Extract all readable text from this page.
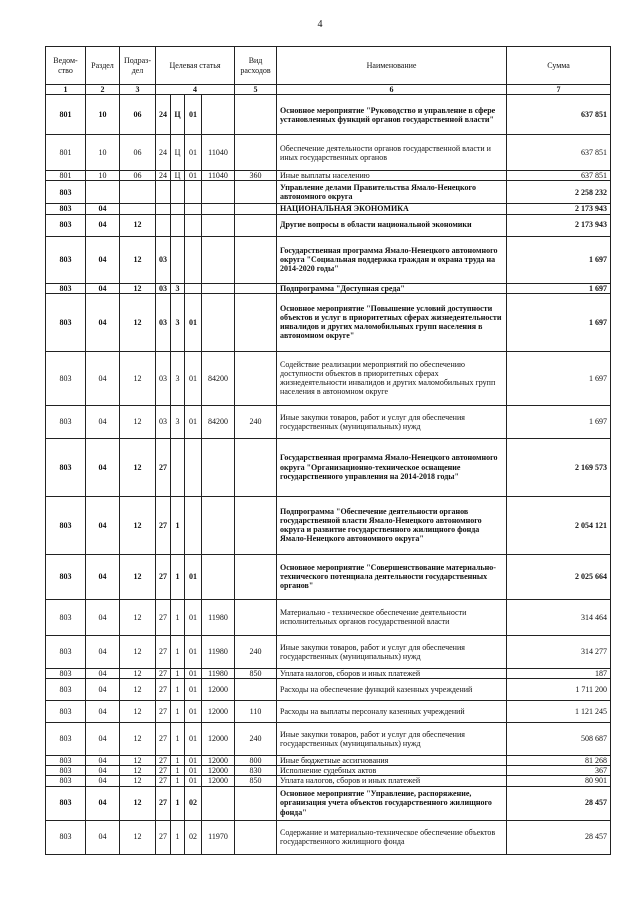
4
Ведом-ство	Раздел	Подраз-дел	Целевая статья				Вид расходов	Наименование	Сумма
1	2	3	4				5	6	7
801	10	06	24	Ц	01			Основное мероприятие "Руководство и управление в сфере установленных функций органов государственной власти"	637 851
801	10	06	24	Ц	01	11040		Обеспечение деятельности органов государственной власти и иных государственных органов	637 851
801	10	06	24	Ц	01	11040	360	Иные выплаты населению	637 851
803								Управление делами Правительства Ямало-Ненецкого автономного округа	2 258 232
803	04							НАЦИОНАЛЬНАЯ ЭКОНОМИКА	2 173 943
803	04	12						Другие вопросы в области национальной экономики	2 173 943
803	04	12	03					Государственная программа Ямало-Ненецкого автономного округа "Социальная поддержка граждан и охрана труда на 2014-2020 годы"	1 697
803	04	12	03	3				Подпрограмма "Доступная среда"	1 697
803	04	12	03	3	01			Основное мероприятие "Повышение условий доступности объектов и услуг в приоритетных сферах жизнедеятельности инвалидов и других маломобильных групп населения в автономном округе"	1 697
803	04	12	03	3	01	84200		Содействие реализации мероприятий по обеспечению доступности объектов в приоритетных сферах жизнедеятельности инвалидов и других маломобильных групп населения в автономном округе	1 697
803	04	12	03	3	01	84200	240	Иные закупки товаров, работ и услуг для обеспечения государственных (муниципальных) нужд	1 697
803	04	12	27					Государственная программа Ямало-Ненецкого автономного округа "Организационно-техническое оснащение государственного управления на 2014-2018 годы"	2 169 573
803	04	12	27	1				Подпрограмма "Обеспечение деятельности органов государственной власти Ямало-Ненецкого автономного округа и развитие государственного жилищного фонда Ямало-Ненецкого автономного округа"	2 054 121
803	04	12	27	1	01			Основное мероприятие "Совершенствование материально-технического потенциала деятельности государственных органов"	2 025 664
803	04	12	27	1	01	11980		Материально - техническое обеспечение деятельности исполнительных органов государственной власти	314 464
803	04	12	27	1	01	11980	240	Иные закупки товаров, работ и услуг для обеспечения государственных (муниципальных) нужд	314 277
803	04	12	27	1	01	11980	850	Уплата налогов, сборов и иных платежей	187
803	04	12	27	1	01	12000		Расходы на обеспечение функций казенных учреждений	1 711 200
803	04	12	27	1	01	12000	110	Расходы на выплаты персоналу казенных учреждений	1 121 245
803	04	12	27	1	01	12000	240	Иные закупки товаров, работ и услуг для обеспечения государственных (муниципальных) нужд	508 687
803	04	12	27	1	01	12000	800	Иные бюджетные ассигнования	81 268
803	04	12	27	1	01	12000	830	Исполнение судебных актов	367
803	04	12	27	1	01	12000	850	Уплата налогов, сборов и иных платежей	80 901
803	04	12	27	1	02			Основное мероприятие "Управление, распоряжение, организация учета объектов государственного жилищного фонда"	28 457
803	04	12	27	1	02	11970		Содержание и материально-техническое обеспечение объектов государственного жилищного фонда	28 457
